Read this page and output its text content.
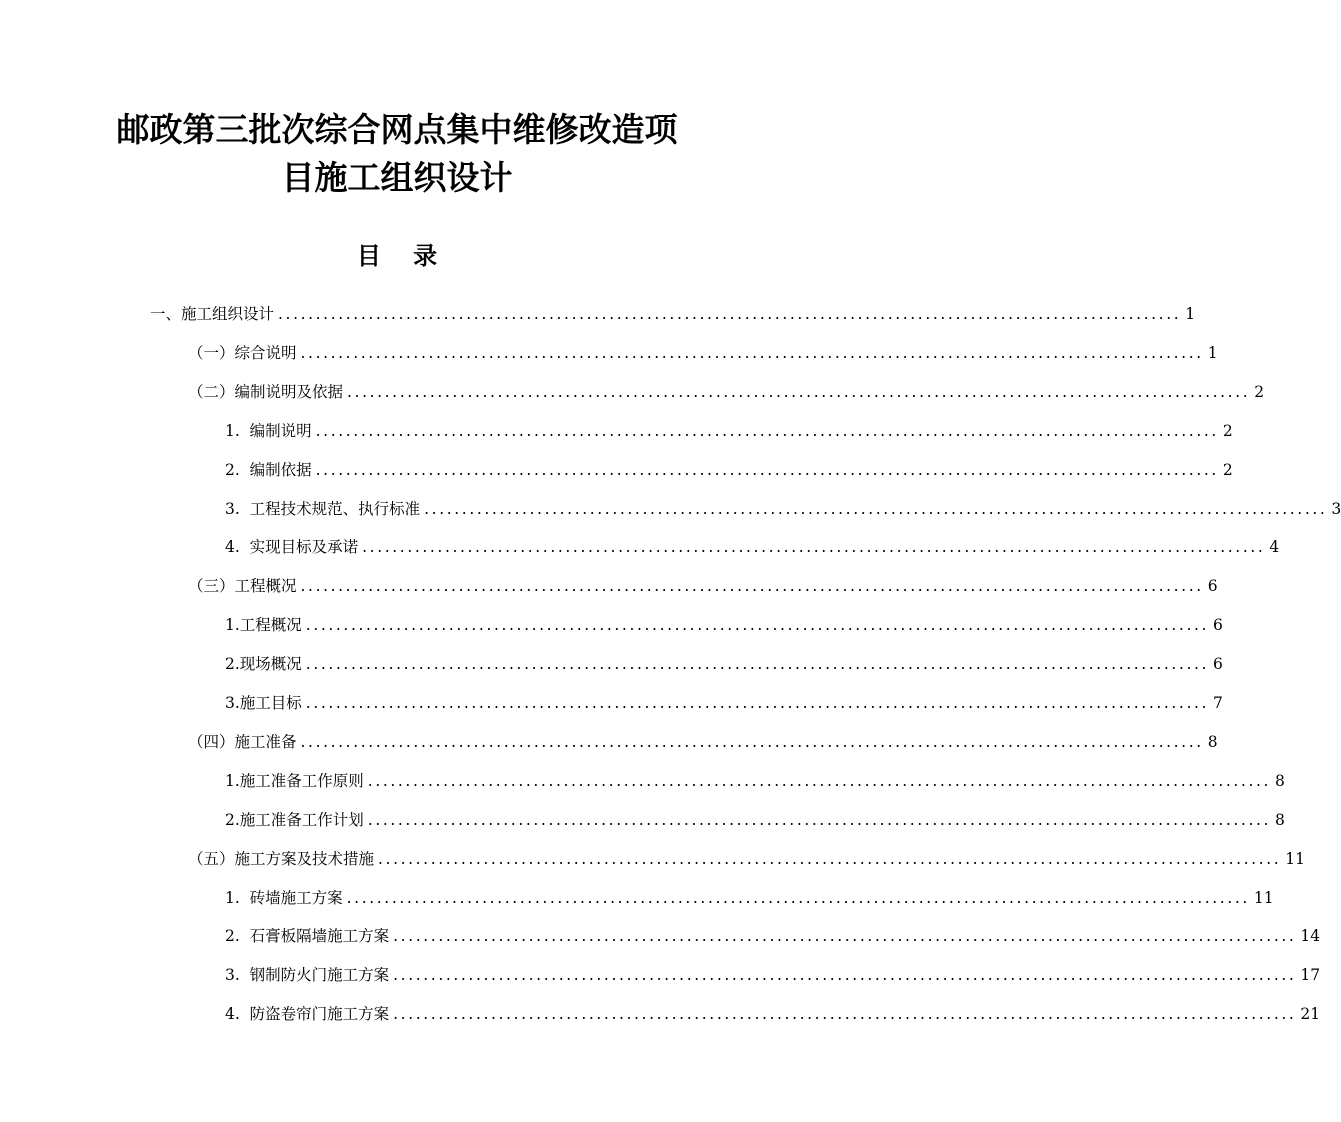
邮政第三批次综合网点集中维修改造项
目施工组织设计
目 录
一、施工组织设计 ........................................................................................................................ 1
（一）综合说明 ........................................................................................................................ 1
（二）编制说明及依据 ........................................................................................................................ 2
1.  编制说明 ........................................................................................................................ 2
2.  编制依据 ........................................................................................................................ 2
3.  工程技术规范、执行标准 ........................................................................................................................ 3
4.  实现目标及承诺 ........................................................................................................................ 4
（三）工程概况 ........................................................................................................................ 6
1.工程概况 ........................................................................................................................ 6
2.现场概况 ........................................................................................................................ 6
3.施工目标 ........................................................................................................................ 7
（四）施工准备 ........................................................................................................................ 8
1.施工准备工作原则 ........................................................................................................................ 8
2.施工准备工作计划 ........................................................................................................................ 8
（五）施工方案及技术措施 ........................................................................................................................ 11
1.  砖墙施工方案 ........................................................................................................................ 11
2.  石膏板隔墙施工方案 ........................................................................................................................ 14
3.  钢制防火门施工方案 ........................................................................................................................ 17
4.  防盗卷帘门施工方案 ........................................................................................................................ 21
